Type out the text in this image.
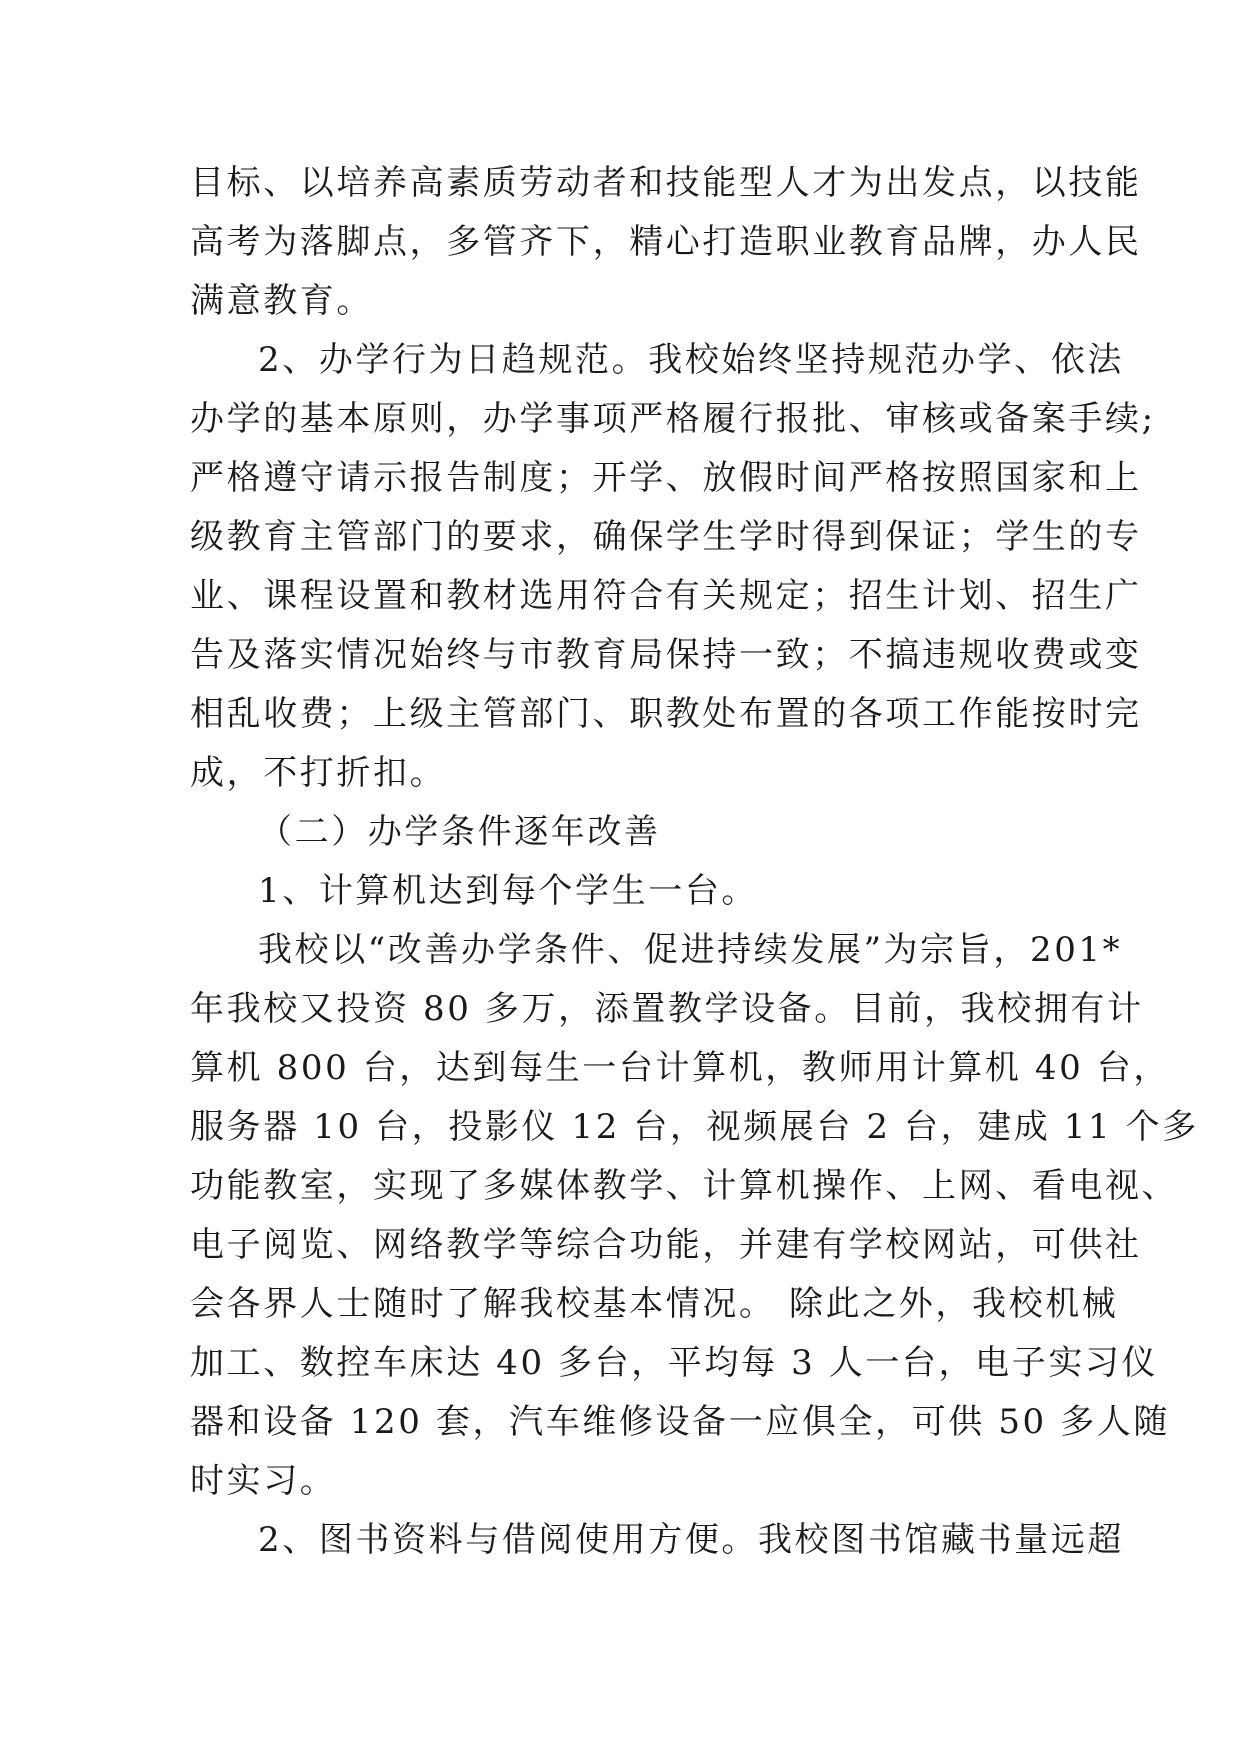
目标、以培养高素质劳动者和技能型人才为出发点，以技能
高考为落脚点，多管齐下，精心打造职业教育品牌，办人民
满意教育。
2、办学行为日趋规范。我校始终坚持规范办学、依法
办学的基本原则，办学事项严格履行报批、审核或备案手续;
严格遵守请示报告制度；开学、放假时间严格按照国家和上
级教育主管部门的要求，确保学生学时得到保证；学生的专
业、课程设置和教材选用符合有关规定；招生计划、招生广
告及落实情况始终与市教育局保持一致；不搞违规收费或变
相乱收费；上级主管部门、职教处布置的各项工作能按时完
成，不打折扣。
（二）办学条件逐年改善
1、计算机达到每个学生一台。
我校以“改善办学条件、促进持续发展”为宗旨，201*
年我校又投资 80 多万，添置教学设备。目前，我校拥有计
算机 800 台，达到每生一台计算机，教师用计算机 40 台，
服务器 10 台，投影仪 12 台，视频展台 2 台，建成 11 个多
功能教室，实现了多媒体教学、计算机操作、上网、看电视、
电子阅览、网络教学等综合功能，并建有学校网站，可供社
会各界人士随时了解我校基本情况。 除此之外，我校机械
加工、数控车床达 40 多台，平均每 3 人一台，电子实习仪
器和设备 120 套，汽车维修设备一应俱全，可供 50 多人随
时实习。
2、图书资料与借阅使用方便。我校图书馆藏书量远超
